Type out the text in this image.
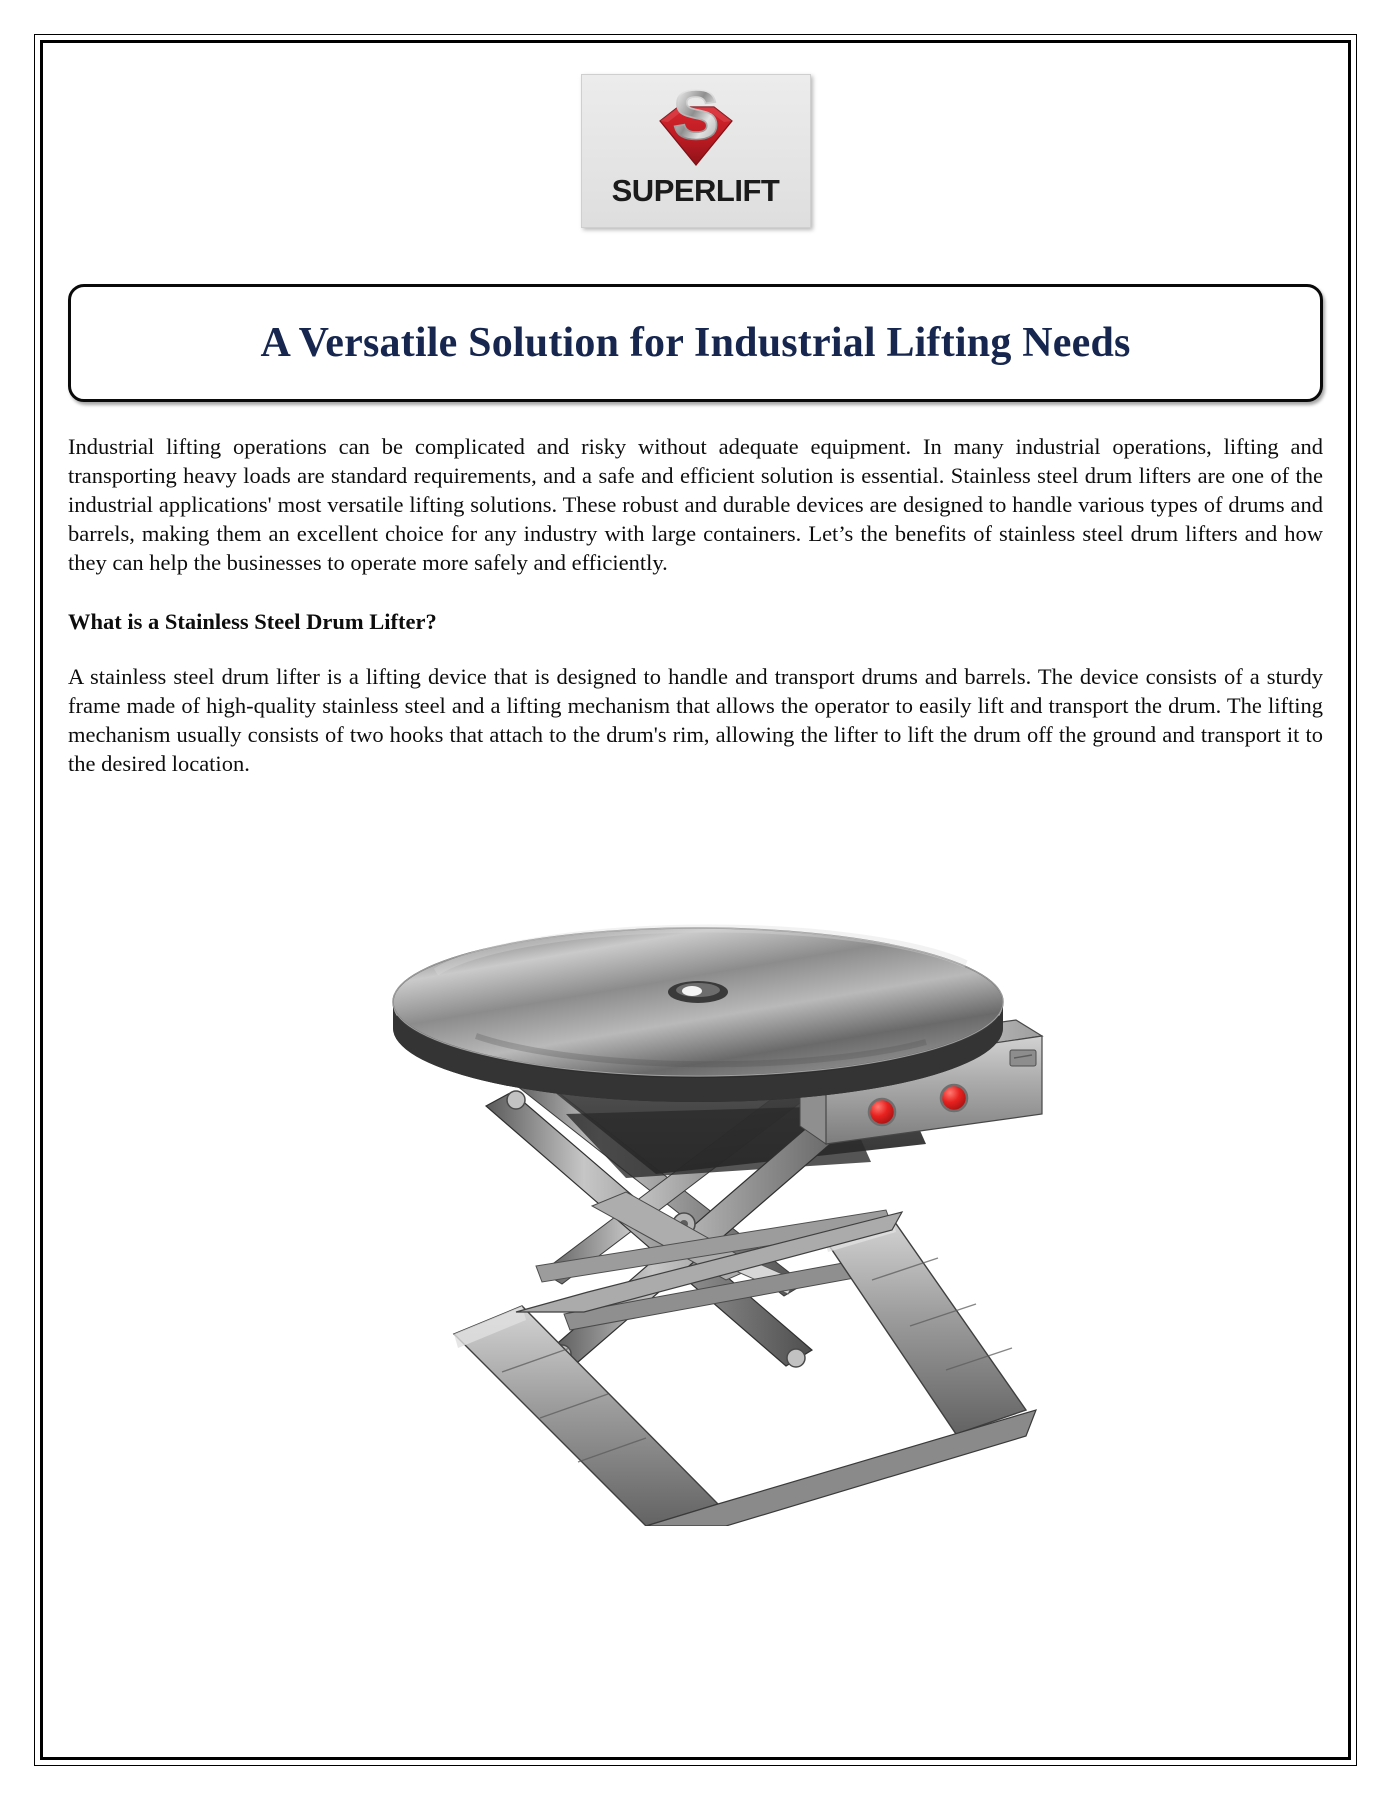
S
SUPERLIFT
A Versatile Solution for Industrial Lifting Needs

Industrial lifting operations can be complicated and risky without adequate equipment. In many industrial operations, lifting and transporting heavy loads are standard requirements, and a safe and efficient solution is essential. Stainless steel drum lifters are one of the industrial applications' most versatile lifting solutions. These robust and durable devices are designed to handle various types of drums and barrels, making them an excellent choice for any industry with large containers. Let’s the benefits of stainless steel drum lifters and how they can help the businesses to operate more safely and efficiently.

What is a Stainless Steel Drum Lifter?

A stainless steel drum lifter is a lifting device that is designed to handle and transport drums and barrels. The device consists of a sturdy frame made of high-quality stainless steel and a lifting mechanism that allows the operator to easily lift and transport the drum. The lifting mechanism usually consists of two hooks that attach to the drum's rim, allowing the lifter to lift the drum off the ground and transport it to the desired location.
